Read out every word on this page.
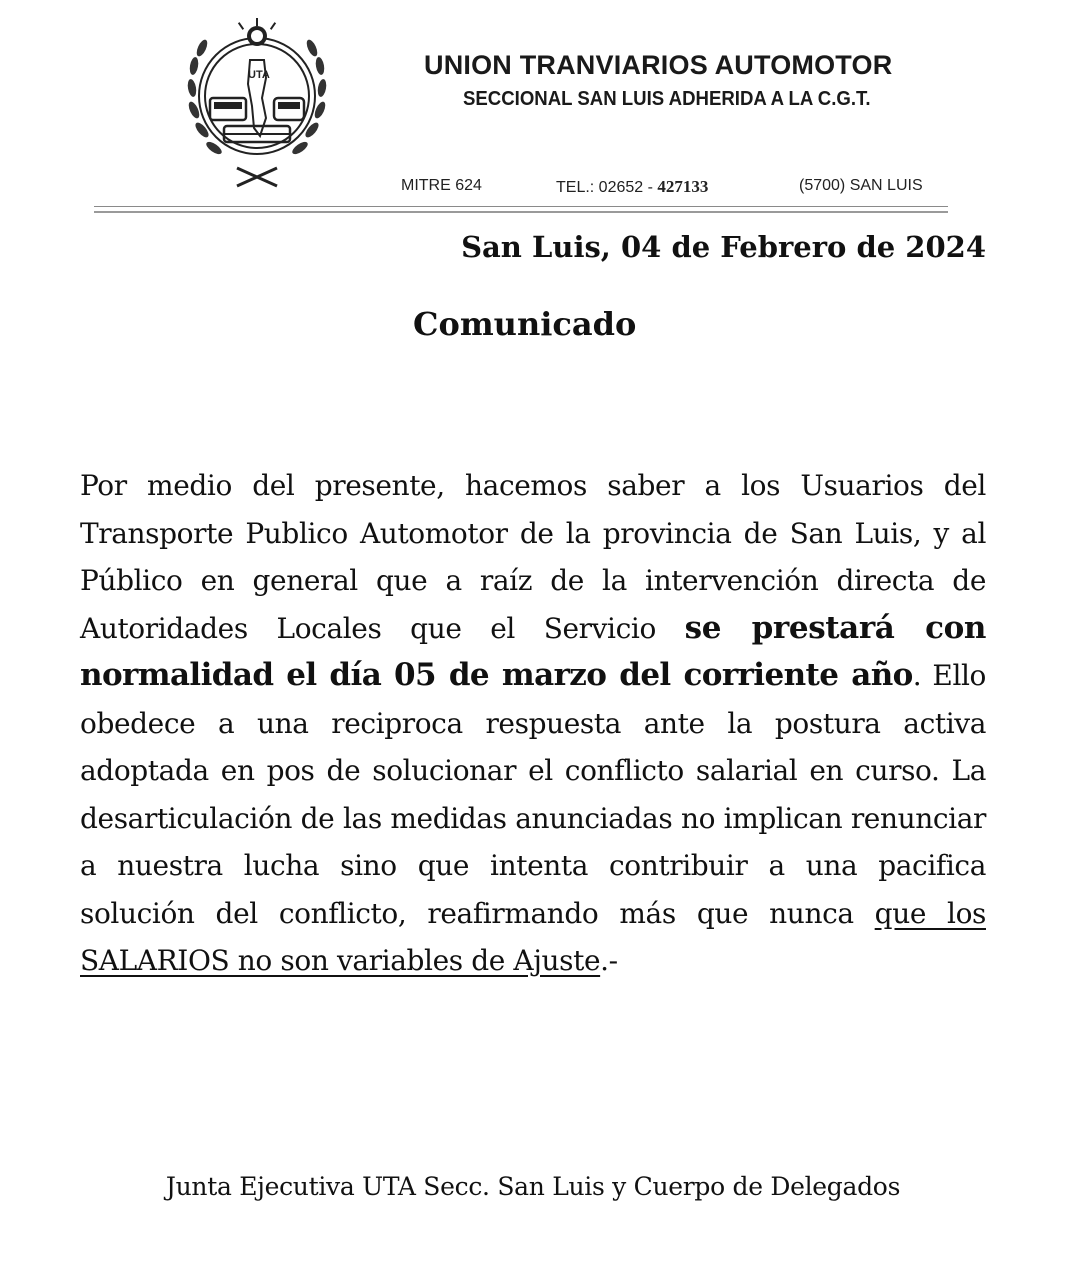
UTA	UNION TRANVIARIOS AUTOMOTOR
SECCIONAL SAN LUIS ADHERIDA A LA C.G.T.
MITRE 624	TEL.: 02652 - 427133	(5700) SAN LUIS
San Luis, 04 de Febrero de 2024
Comunicado
Por medio del presente, hacemos saber a los Usuarios del Transporte Publico Automotor de la provincia de San Luis, y al Público en general que a raíz de la intervención directa de Autoridades Locales que el Servicio se prestará con normalidad el día 05 de marzo del corriente año. Ello obedece a una reciproca respuesta ante la postura activa adoptada en pos de solucionar el conflicto salarial en curso. La desarticulación de las medidas anunciadas no implican renunciar a nuestra lucha sino que intenta contribuir a una pacifica solución del conflicto, reafirmando más que nunca que los SALARIOS no son variables de Ajuste.-
Junta Ejecutiva UTA Secc. San Luis y Cuerpo de Delegados
